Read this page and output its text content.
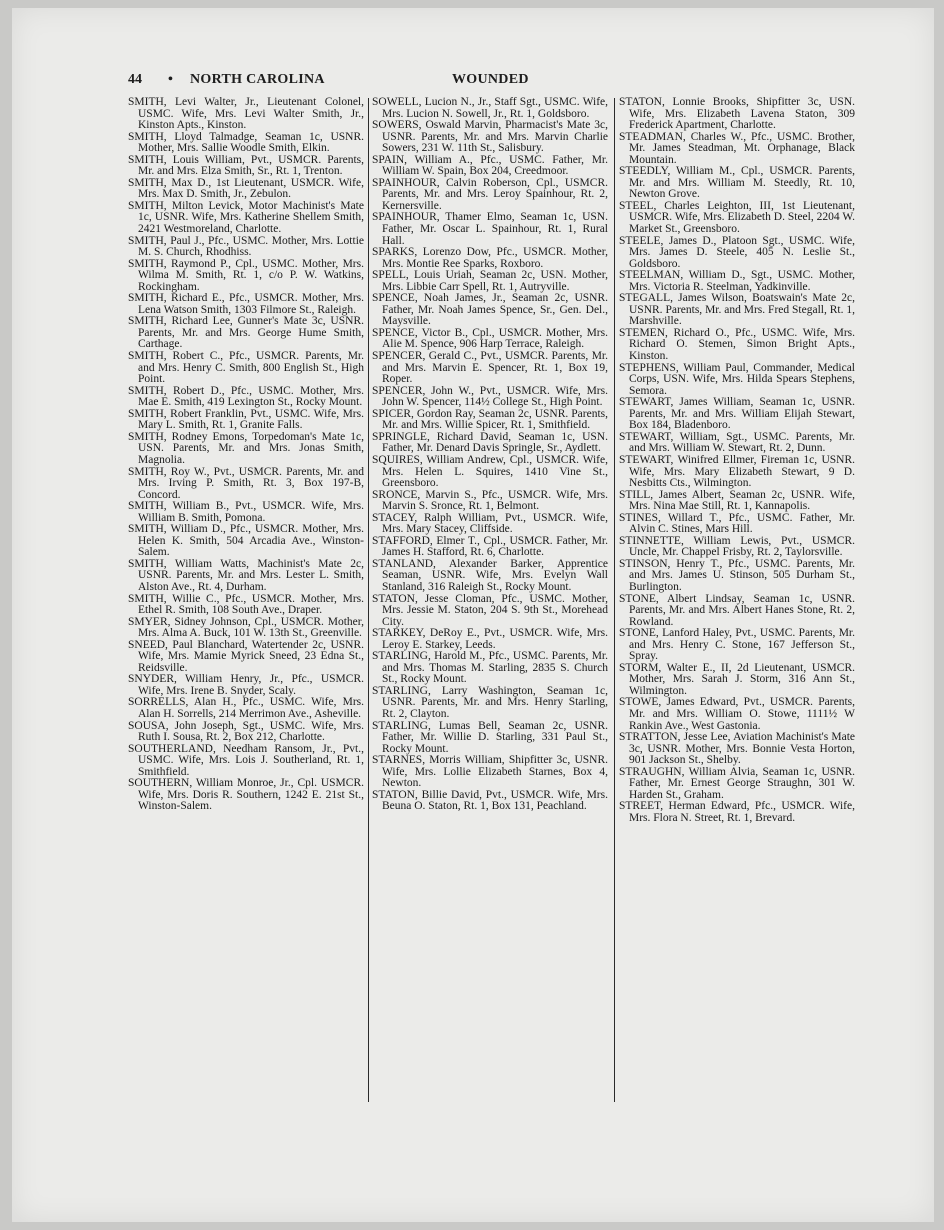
44 • NORTH CAROLINA	WOUNDED

SMITH, Levi Walter, Jr., Lieutenant Colonel, USMC. Wife, Mrs. Levi Walter Smith, Jr., Kinston Apts., Kinston.

SMITH, Lloyd Talmadge, Seaman 1c, USNR. Mother, Mrs. Sallie Woodle Smith, Elkin.

SMITH, Louis William, Pvt., USMCR. Parents, Mr. and Mrs. Elza Smith, Sr., Rt. 1, Trenton.

SMITH, Max D., 1st Lieutenant, USMCR. Wife, Mrs. Max D. Smith, Jr., Zebulon.

SMITH, Milton Levick, Motor Machinist's Mate 1c, USNR. Wife, Mrs. Katherine Shellem Smith, 2421 Westmoreland, Charlotte.

SMITH, Paul J., Pfc., USMC. Mother, Mrs. Lottie M. S. Church, Rhodhiss.

SMITH, Raymond P., Cpl., USMC. Mother, Mrs. Wilma M. Smith, Rt. 1, c/o P. W. Watkins, Rockingham.

SMITH, Richard E., Pfc., USMCR. Mother, Mrs. Lena Watson Smith, 1303 Filmore St., Raleigh.

SMITH, Richard Lee, Gunner's Mate 3c, USNR. Parents, Mr. and Mrs. George Hume Smith, Carthage.

SMITH, Robert C., Pfc., USMCR. Parents, Mr. and Mrs. Henry C. Smith, 800 English St., High Point.

SMITH, Robert D., Pfc., USMC. Mother, Mrs. Mae E. Smith, 419 Lexington St., Rocky Mount.

SMITH, Robert Franklin, Pvt., USMC. Wife, Mrs. Mary L. Smith, Rt. 1, Granite Falls.

SMITH, Rodney Emons, Torpedoman's Mate 1c, USN. Parents, Mr. and Mrs. Jonas Smith, Magnolia.

SMITH, Roy W., Pvt., USMCR. Parents, Mr. and Mrs. Irving P. Smith, Rt. 3, Box 197-B, Concord.

SMITH, William B., Pvt., USMCR. Wife, Mrs. William B. Smith, Pomona.

SMITH, William D., Pfc., USMCR. Mother, Mrs. Helen K. Smith, 504 Arcadia Ave., Winston-Salem.

SMITH, William Watts, Machinist's Mate 2c, USNR. Parents, Mr. and Mrs. Lester L. Smith, Alston Ave., Rt. 4, Durham.

SMITH, Willie C., Pfc., USMCR. Mother, Mrs. Ethel R. Smith, 108 South Ave., Draper.

SMYER, Sidney Johnson, Cpl., USMCR. Mother, Mrs. Alma A. Buck, 101 W. 13th St., Greenville.

SNEED, Paul Blanchard, Watertender 2c, USNR. Wife, Mrs. Mamie Myrick Sneed, 23 Edna St., Reidsville.

SNYDER, William Henry, Jr., Pfc., USMCR. Wife, Mrs. Irene B. Snyder, Scaly.

SORRELLS, Alan H., Pfc., USMC. Wife, Mrs. Alan H. Sorrells, 214 Merrimon Ave., Asheville.

SOUSA, John Joseph, Sgt., USMC. Wife, Mrs. Ruth I. Sousa, Rt. 2, Box 212, Charlotte.

SOUTHERLAND, Needham Ransom, Jr., Pvt., USMC. Wife, Mrs. Lois J. Southerland, Rt. 1, Smithfield.

SOUTHERN, William Monroe, Jr., Cpl. USMCR. Wife, Mrs. Doris R. Southern, 1242 E. 21st St., Winston-Salem.

SOWELL, Lucion N., Jr., Staff Sgt., USMC. Wife, Mrs. Lucion N. Sowell, Jr., Rt. 1, Goldsboro.

SOWERS, Oswald Marvin, Pharmacist's Mate 3c, USNR. Parents, Mr. and Mrs. Marvin Charlie Sowers, 231 W. 11th St., Salisbury.

SPAIN, William A., Pfc., USMC. Father, Mr. William W. Spain, Box 204, Creedmoor.

SPAINHOUR, Calvin Roberson, Cpl., USMCR. Parents, Mr. and Mrs. Leroy Spainhour, Rt. 2, Kernersville.

SPAINHOUR, Thamer Elmo, Seaman 1c, USN. Father, Mr. Oscar L. Spainhour, Rt. 1, Rural Hall.

SPARKS, Lorenzo Dow, Pfc., USMCR. Mother, Mrs. Montie Ree Sparks, Roxboro.

SPELL, Louis Uriah, Seaman 2c, USN. Mother, Mrs. Libbie Carr Spell, Rt. 1, Autryville.

SPENCE, Noah James, Jr., Seaman 2c, USNR. Father, Mr. Noah James Spence, Sr., Gen. Del., Maysville.

SPENCE, Victor B., Cpl., USMCR. Mother, Mrs. Alie M. Spence, 906 Harp Terrace, Raleigh.

SPENCER, Gerald C., Pvt., USMCR. Parents, Mr. and Mrs. Marvin E. Spencer, Rt. 1, Box 19, Roper.

SPENCER, John W., Pvt., USMCR. Wife, Mrs. John W. Spencer, 114½ College St., High Point.

SPICER, Gordon Ray, Seaman 2c, USNR. Parents, Mr. and Mrs. Willie Spicer, Rt. 1, Smithfield.

SPRINGLE, Richard David, Seaman 1c, USN. Father, Mr. Denard Davis Springle, Sr., Aydlett.

SQUIRES, William Andrew, Cpl., USMCR. Wife, Mrs. Helen L. Squires, 1410 Vine St., Greensboro.

SRONCE, Marvin S., Pfc., USMCR. Wife, Mrs. Marvin S. Sronce, Rt. 1, Belmont.

STACEY, Ralph William, Pvt., USMCR. Wife, Mrs. Mary Stacey, Cliffside.

STAFFORD, Elmer T., Cpl., USMCR. Father, Mr. James H. Stafford, Rt. 6, Charlotte.

STANLAND, Alexander Barker, Apprentice Seaman, USNR. Wife, Mrs. Evelyn Wall Stanland, 316 Raleigh St., Rocky Mount.

STATON, Jesse Cloman, Pfc., USMC. Mother, Mrs. Jessie M. Staton, 204 S. 9th St., Morehead City.

STARKEY, DeRoy E., Pvt., USMCR. Wife, Mrs. Leroy E. Starkey, Leeds.

STARLING, Harold M., Pfc., USMC. Parents, Mr. and Mrs. Thomas M. Starling, 2835 S. Church St., Rocky Mount.

STARLING, Larry Washington, Seaman 1c, USNR. Parents, Mr. and Mrs. Henry Starling, Rt. 2, Clayton.

STARLING, Lumas Bell, Seaman 2c, USNR. Father, Mr. Willie D. Starling, 331 Paul St., Rocky Mount.

STARNES, Morris William, Shipfitter 3c, USNR. Wife, Mrs. Lollie Elizabeth Starnes, Box 4, Newton.

STATON, Billie David, Pvt., USMCR. Wife, Mrs. Beuna O. Staton, Rt. 1, Box 131, Peachland.

STATON, Lonnie Brooks, Shipfitter 3c, USN. Wife, Mrs. Elizabeth Lavena Staton, 309 Frederick Apartment, Charlotte.

STEADMAN, Charles W., Pfc., USMC. Brother, Mr. James Steadman, Mt. Orphanage, Black Mountain.

STEEDLY, William M., Cpl., USMCR. Parents, Mr. and Mrs. William M. Steedly, Rt. 10, Newton Grove.

STEEL, Charles Leighton, III, 1st Lieutenant, USMCR. Wife, Mrs. Elizabeth D. Steel, 2204 W. Market St., Greensboro.

STEELE, James D., Platoon Sgt., USMC. Wife, Mrs. James D. Steele, 405 N. Leslie St., Goldsboro.

STEELMAN, William D., Sgt., USMC. Mother, Mrs. Victoria R. Steelman, Yadkinville.

STEGALL, James Wilson, Boatswain's Mate 2c, USNR. Parents, Mr. and Mrs. Fred Stegall, Rt. 1, Marshville.

STEMEN, Richard O., Pfc., USMC. Wife, Mrs. Richard O. Stemen, Simon Bright Apts., Kinston.

STEPHENS, William Paul, Commander, Medical Corps, USN. Wife, Mrs. Hilda Spears Stephens, Semora.

STEWART, James William, Seaman 1c, USNR. Parents, Mr. and Mrs. William Elijah Stewart, Box 184, Bladenboro.

STEWART, William, Sgt., USMC. Parents, Mr. and Mrs. William W. Stewart, Rt. 2, Dunn.

STEWART, Winifred Ellmer, Fireman 1c, USNR. Wife, Mrs. Mary Elizabeth Stewart, 9 D. Nesbitts Cts., Wilmington.

STILL, James Albert, Seaman 2c, USNR. Wife, Mrs. Nina Mae Still, Rt. 1, Kannapolis.

STINES, Willard T., Pfc., USMC. Father, Mr. Alvin C. Stines, Mars Hill.

STINNETTE, William Lewis, Pvt., USMCR. Uncle, Mr. Chappel Frisby, Rt. 2, Taylorsville.

STINSON, Henry T., Pfc., USMC. Parents, Mr. and Mrs. James U. Stinson, 505 Durham St., Burlington.

STONE, Albert Lindsay, Seaman 1c, USNR. Parents, Mr. and Mrs. Albert Hanes Stone, Rt. 2, Rowland.

STONE, Lanford Haley, Pvt., USMC. Parents, Mr. and Mrs. Henry C. Stone, 167 Jefferson St., Spray.

STORM, Walter E., II, 2d Lieutenant, USMCR. Mother, Mrs. Sarah J. Storm, 316 Ann St., Wilmington.

STOWE, James Edward, Pvt., USMCR. Parents, Mr. and Mrs. William O. Stowe, 1111½ W Rankin Ave., West Gastonia.

STRATTON, Jesse Lee, Aviation Machinist's Mate 3c, USNR. Mother, Mrs. Bonnie Vesta Horton, 901 Jackson St., Shelby.

STRAUGHN, William Alvia, Seaman 1c, USNR. Father, Mr. Ernest George Straughn, 301 W. Harden St., Graham.

STREET, Herman Edward, Pfc., USMCR. Wife, Mrs. Flora N. Street, Rt. 1, Brevard.
